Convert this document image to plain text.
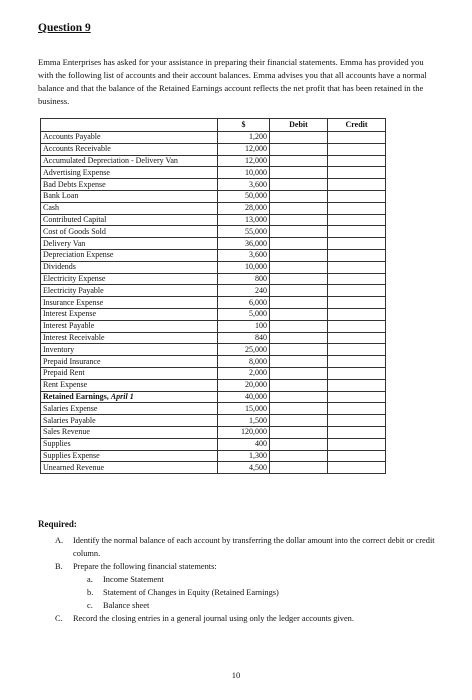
Question 9
Emma Enterprises has asked for your assistance in preparing their financial statements. Emma has provided you with the following list of accounts and their account balances. Emma advises you that all accounts have a normal balance and that the balance of the Retained Earnings account reflects the net profit that has been retained in the business.
	$	Debit	Credit
Accounts Payable	1,200		
Accounts Receivable	12,000		
Accumulated Depreciation - Delivery Van	12,000		
Advertising Expense	10,000		
Bad Debts Expense	3,600		
Bank Loan	50,000		
Cash	28,000		
Contributed Capital	13,000		
Cost of Goods Sold	55,000		
Delivery Van	36,000		
Depreciation Expense	3,600		
Dividends	10,000		
Electricity Expense	800		
Electricity Payable	240		
Insurance Expense	6,000		
Interest Expense	5,000		
Interest Payable	100		
Interest Receivable	840		
Inventory	25,000		
Prepaid Insurance	8,000		
Prepaid Rent	2,000		
Rent Expense	20,000		
Retained Earnings, April 1	40,000		
Salaries Expense	15,000		
Salaries Payable	1,500		
Sales Revenue	120,000		
Supplies	400		
Supplies Expense	1,300		
Unearned Revenue	4,500		
Required:
A.	Identify the normal balance of each account by transferring the dollar amount into the correct debit or credit column.
B.	Prepare the following financial statements:
a.	Income Statement
b.	Statement of Changes in Equity (Retained Earnings)
c.	Balance sheet
C.	Record the closing entries in a general journal using only the ledger accounts given.
10
